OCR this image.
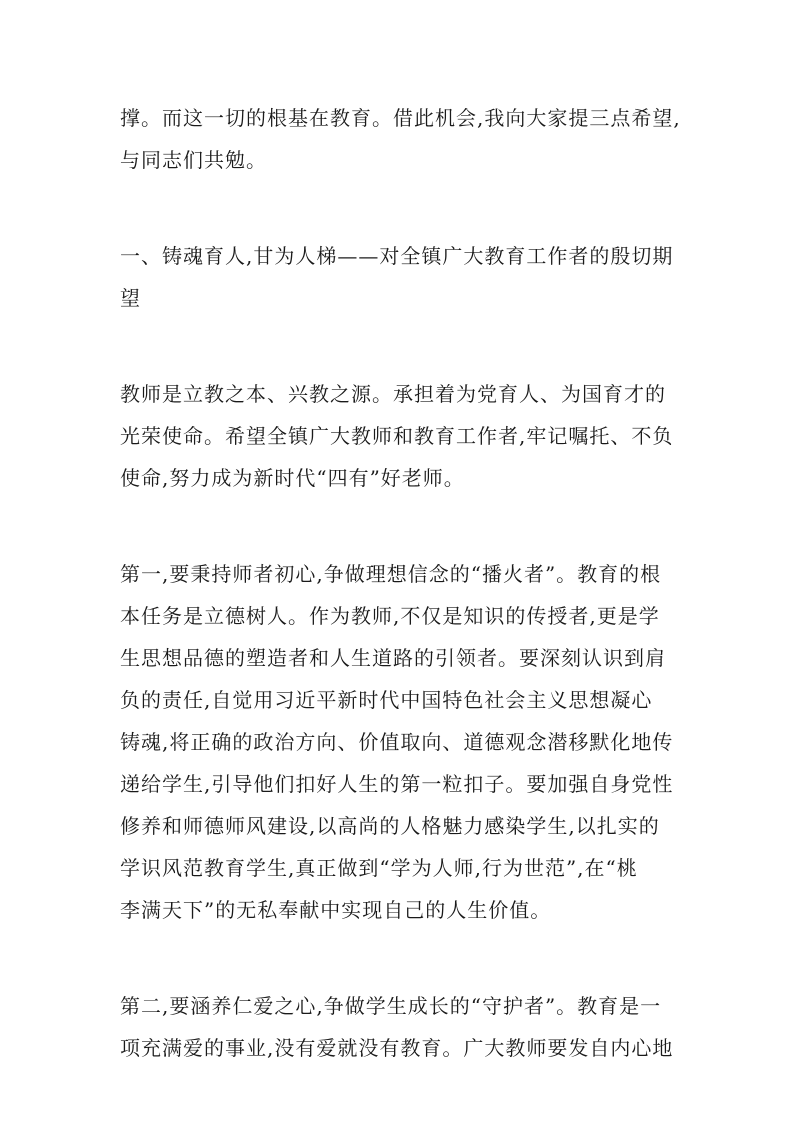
撑。而这一切的根基在教育。借此机会,我向大家提三点希望,
与同志们共勉。

一、铸魂育人,甘为人梯——对全镇广大教育工作者的殷切期
望

教师是立教之本、兴教之源。承担着为党育人、为国育才的
光荣使命。希望全镇广大教师和教育工作者,牢记嘱托、不负
使命,努力成为新时代“四有”好老师。

第一,要秉持师者初心,争做理想信念的“播火者”。教育的根
本任务是立德树人。作为教师,不仅是知识的传授者,更是学
生思想品德的塑造者和人生道路的引领者。要深刻认识到肩
负的责任,自觉用习近平新时代中国特色社会主义思想凝心
铸魂,将正确的政治方向、价值取向、道德观念潜移默化地传
递给学生,引导他们扣好人生的第一粒扣子。要加强自身党性
修养和师德师风建设,以高尚的人格魅力感染学生,以扎实的
学识风范教育学生,真正做到“学为人师,行为世范”,在“桃
李满天下”的无私奉献中实现自己的人生价值。

第二,要涵养仁爱之心,争做学生成长的“守护者”。教育是一
项充满爱的事业,没有爱就没有教育。广大教师要发自内心地
